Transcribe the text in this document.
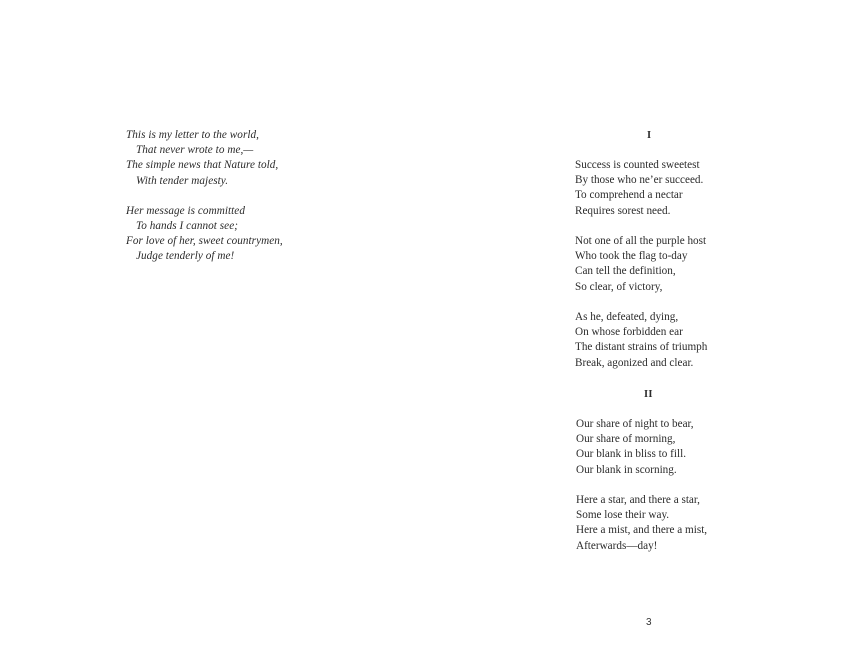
This is my letter to the world,
That never wrote to me,—
The simple news that Nature told,
With tender majesty.
Her message is committed
To hands I cannot see;
For love of her, sweet countrymen,
Judge tenderly of me!
I
Success is counted sweetest
By those who ne’er succeed.
To comprehend a nectar
Requires sorest need.
Not one of all the purple host
Who took the flag to-day
Can tell the definition,
So clear, of victory,
As he, defeated, dying,
On whose forbidden ear
The distant strains of triumph
Break, agonized and clear.
II
Our share of night to bear,
Our share of morning,
Our blank in bliss to fill.
Our blank in scorning.
Here a star, and there a star,
Some lose their way.
Here a mist, and there a mist,
Afterwards—day!
3
